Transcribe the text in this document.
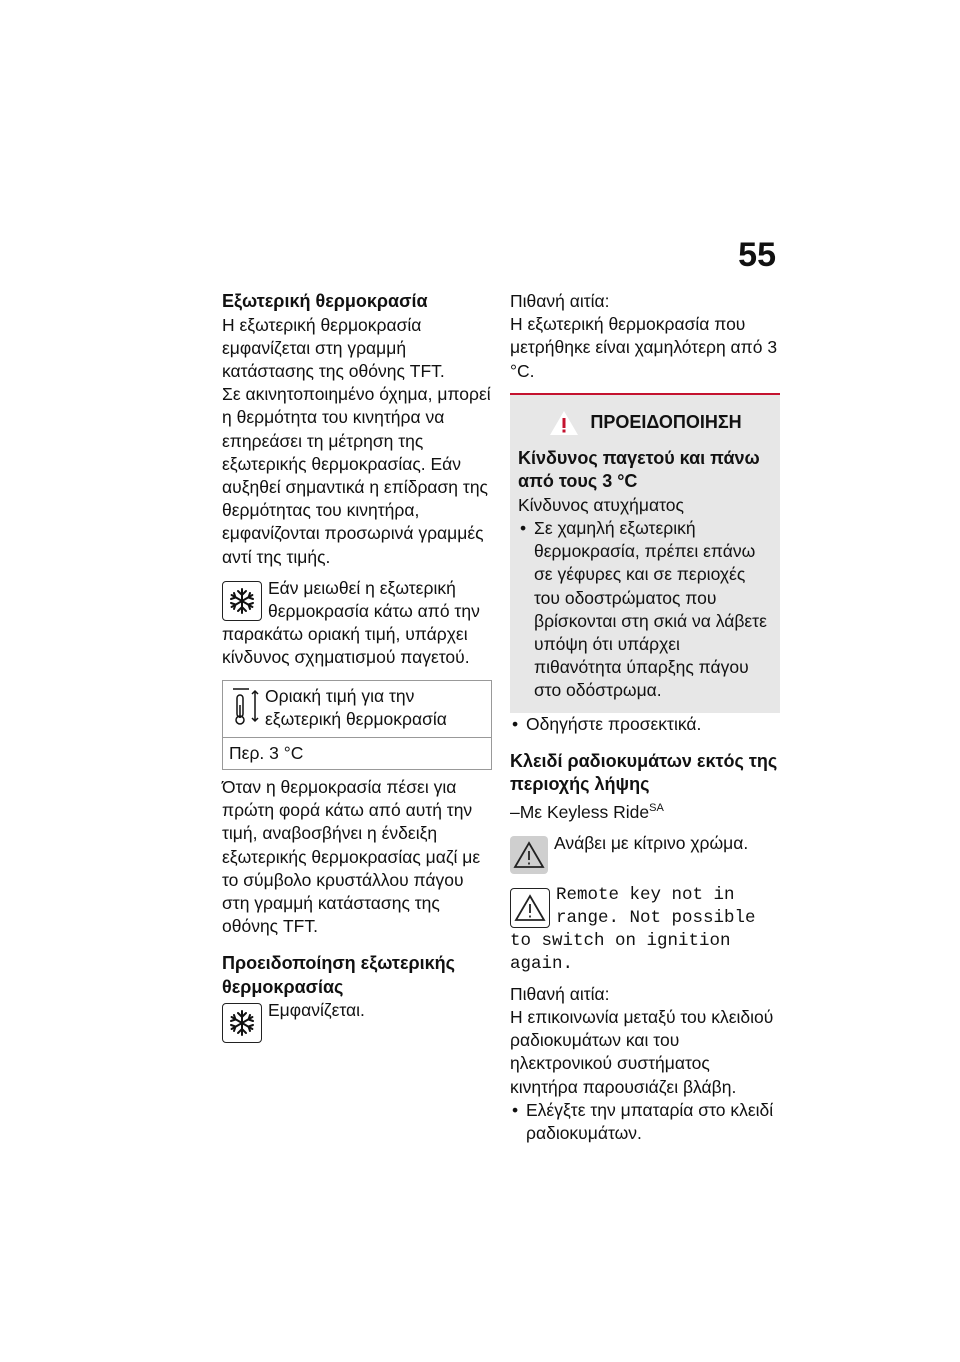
55
Εξωτερική θερμοκρασία

Η εξωτερική θερμοκρασία εμφανίζεται στη γραμμή κατάστασης της οθόνης TFT.

Σε ακινητοποιημένο όχημα, μπορεί η θερμότητα του κινητήρα να επηρεάσει τη μέτρηση της εξωτερικής θερμοκρασίας. Εάν αυξηθεί σημαντικά η επίδραση της θερμότητας του κινητήρα, εμφανίζονται προσωρινά γραμμές αντί της τιμής.

Εάν μειωθεί η εξωτερική θερμοκρασία κάτω από την παρακάτω οριακή τιμή, υπάρχει κίνδυνος σχηματισμού παγετού.

Οριακή τιμή για την εξωτερική θερμοκρασία

Περ. 3 °C

Όταν η θερμοκρασία πέσει για πρώτη φορά κάτω από αυτή την τιμή, αναβοσβήνει η ένδειξη εξωτερικής θερμοκρασίας μαζί με το σύμβολο κρυστάλλου πάγου στη γραμμή κατάστασης της οθόνης TFT.

Προειδοποίηση εξωτερικής θερμοκρασίας

Εμφανίζεται.

Πιθανή αιτία:

Η εξωτερική θερμοκρασία που μετρήθηκε είναι χαμηλότερη από 3 °C.

ΠΡΟΕΙΔΟΠΟΙΗΣΗ
Κίνδυνος παγετού και πάνω από τους 3 °C

Κίνδυνος ατυχήματος

• Σε χαμηλή εξωτερική θερμοκρασία, πρέπει επάνω σε γέφυρες και σε περιοχές του οδοστρώματος που βρίσκονται στη σκιά να λάβετε υπόψη ότι υπάρχει πιθανότητα ύπαρξης πάγου στο οδόστρωμα.
• Οδηγήστε προσεκτικά.
Κλειδί ραδιοκυμάτων εκτός της περιοχής λήψης

–Με Keyless Ride$^{SA}$

Ανάβει με κίτρινο χρώμα.

Remote key not in range. Not possible to switch on ignition again.

Πιθανή αιτία:

Η επικοινωνία μεταξύ του κλειδιού ραδιοκυμάτων και του ηλεκτρονικού συστήματος κινητήρα παρουσιάζει βλάβη.

• Ελέγξτε την μπαταρία στο κλειδί ραδιοκυμάτων.
